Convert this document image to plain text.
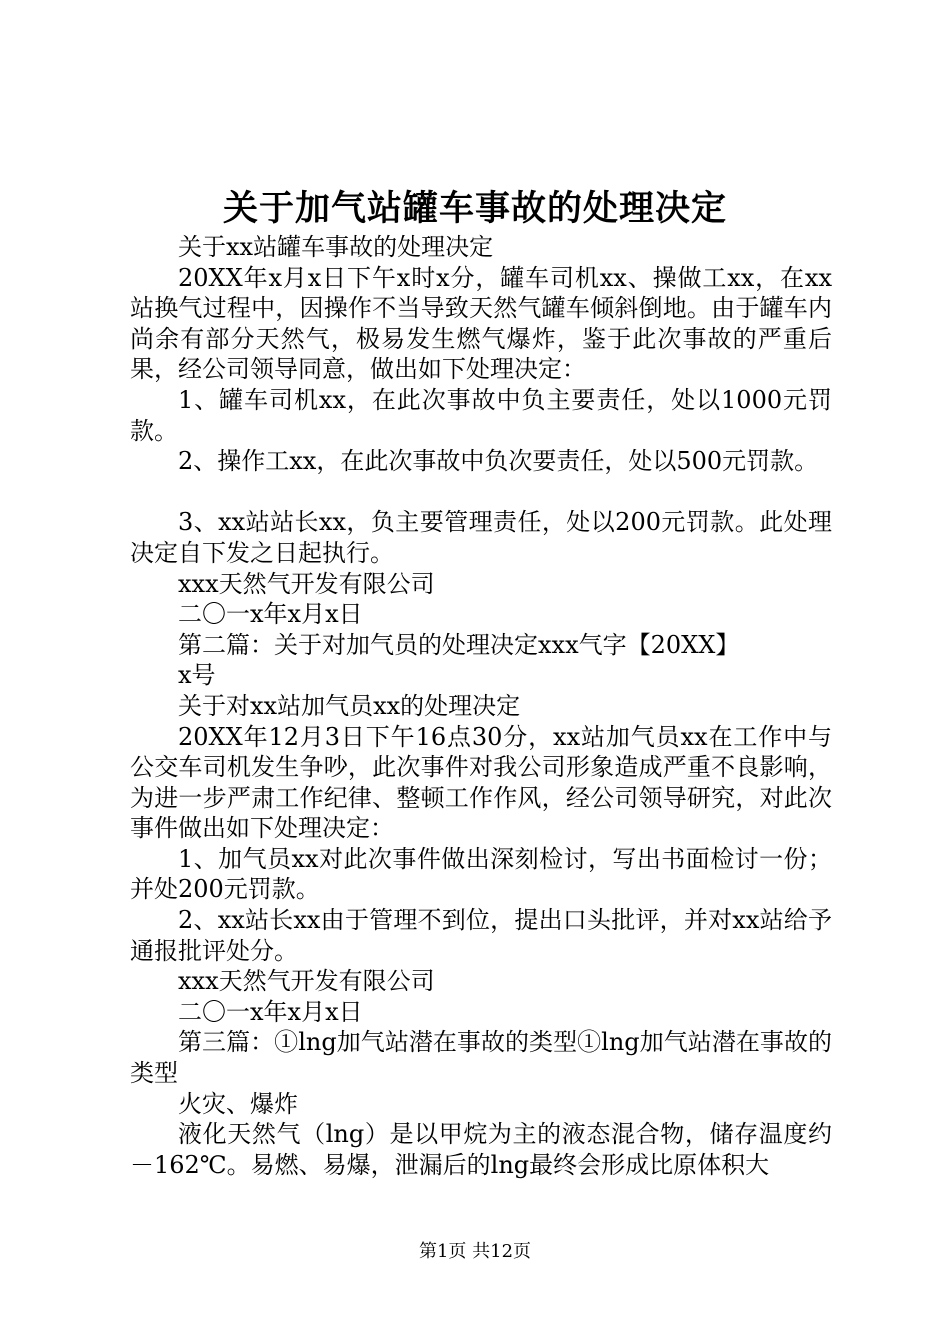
关于加气站罐车事故的处理决定

关于xx站罐车事故的处理决定

20XX年x月x日下午x时x分，罐车司机xx、操做工xx，在xx站换气过程中，因操作不当导致天然气罐车倾斜倒地。由于罐车内尚余有部分天然气，极易发生燃气爆炸，鉴于此次事故的严重后果，经公司领导同意，做出如下处理决定：

1、罐车司机xx，在此次事故中负主要责任，处以1000元罚款。

2、操作工xx，在此次事故中负次要责任，处以500元罚款。

3、xx站站长xx，负主要管理责任，处以200元罚款。此处理决定自下发之日起执行。

xxx天然气开发有限公司

二〇一x年x月x日

第二篇：关于对加气员的处理决定xxx气字【20XX】

x号

关于对xx站加气员xx的处理决定

20XX年12月3日下午16点30分，xx站加气员xx在工作中与公交车司机发生争吵，此次事件对我公司形象造成严重不良影响，为进一步严肃工作纪律、整顿工作作风，经公司领导研究，对此次事件做出如下处理决定：

1、加气员xx对此次事件做出深刻检讨，写出书面检讨一份；并处200元罚款。

2、xx站长xx由于管理不到位，提出口头批评，并对xx站给予通报批评处分。

xxx天然气开发有限公司

二〇一x年x月x日

第三篇：①lng加气站潜在事故的类型①lng加气站潜在事故的类型

火灾、爆炸

液化天然气（lng）是以甲烷为主的液态混合物，储存温度约－162℃。易燃、易爆，泄漏后的lng最终会形成比原体积大

第1页 共12页
